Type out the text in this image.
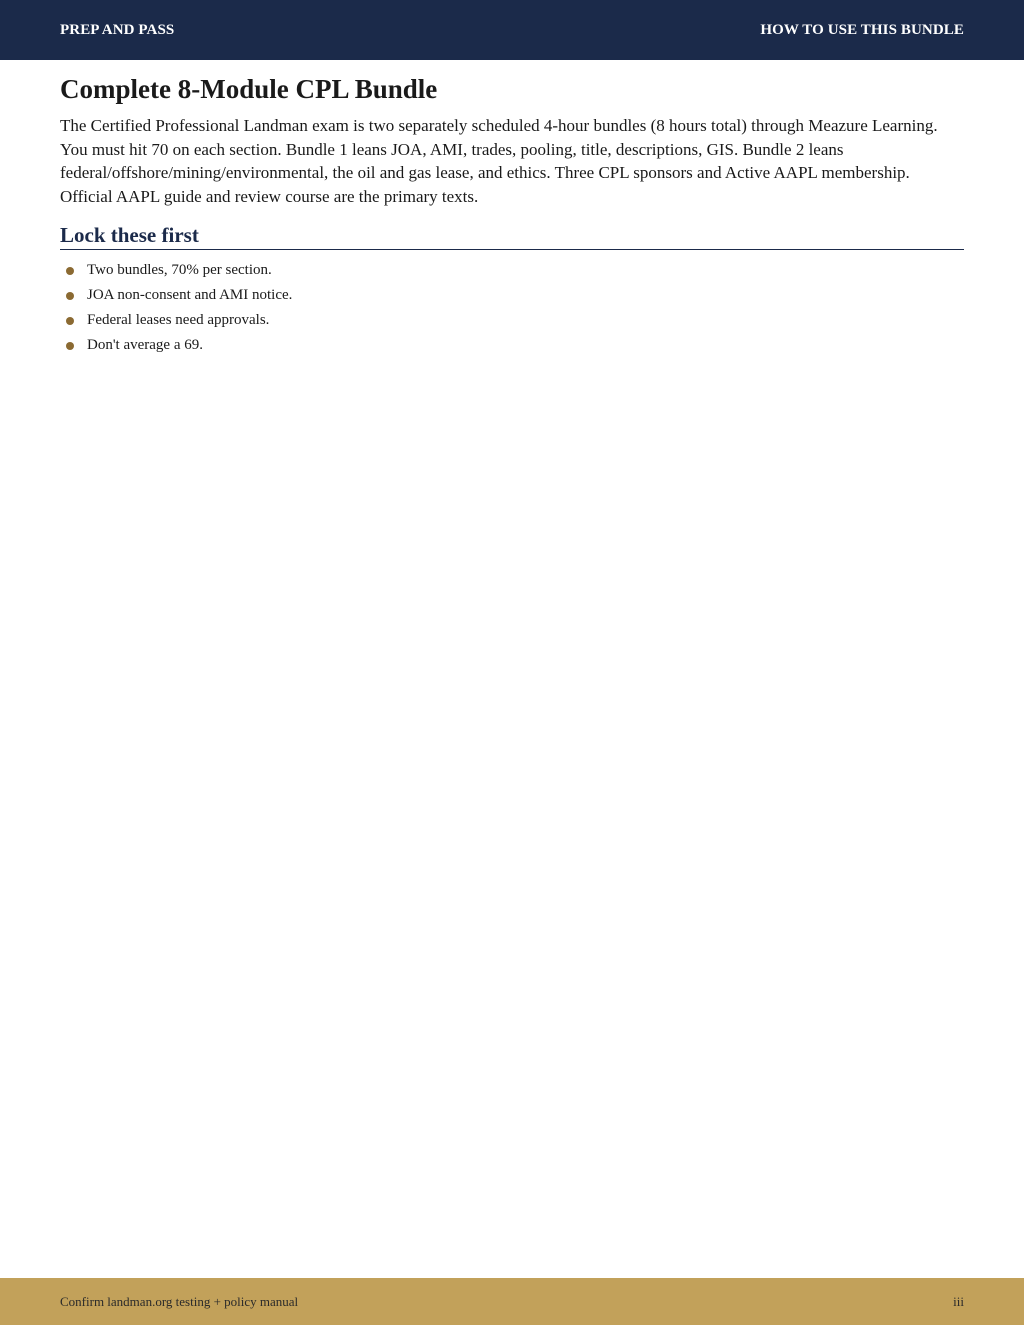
PREP AND PASS	HOW TO USE THIS BUNDLE
Complete 8-Module CPL Bundle

The Certified Professional Landman exam is two separately scheduled 4-hour bundles (8 hours total) through Meazure Learning. You must hit 70 on each section. Bundle 1 leans JOA, AMI, trades, pooling, title, descriptions, GIS. Bundle 2 leans federal/offshore/mining/environmental, the oil and gas lease, and ethics. Three CPL sponsors and Active AAPL membership. Official AAPL guide and review course are the primary texts.

Lock these first
Two bundles, 70% per section.
JOA non-consent and AMI notice.
Federal leases need approvals.
Don't average a 69.
Confirm landman.org testing + policy manual	iii
